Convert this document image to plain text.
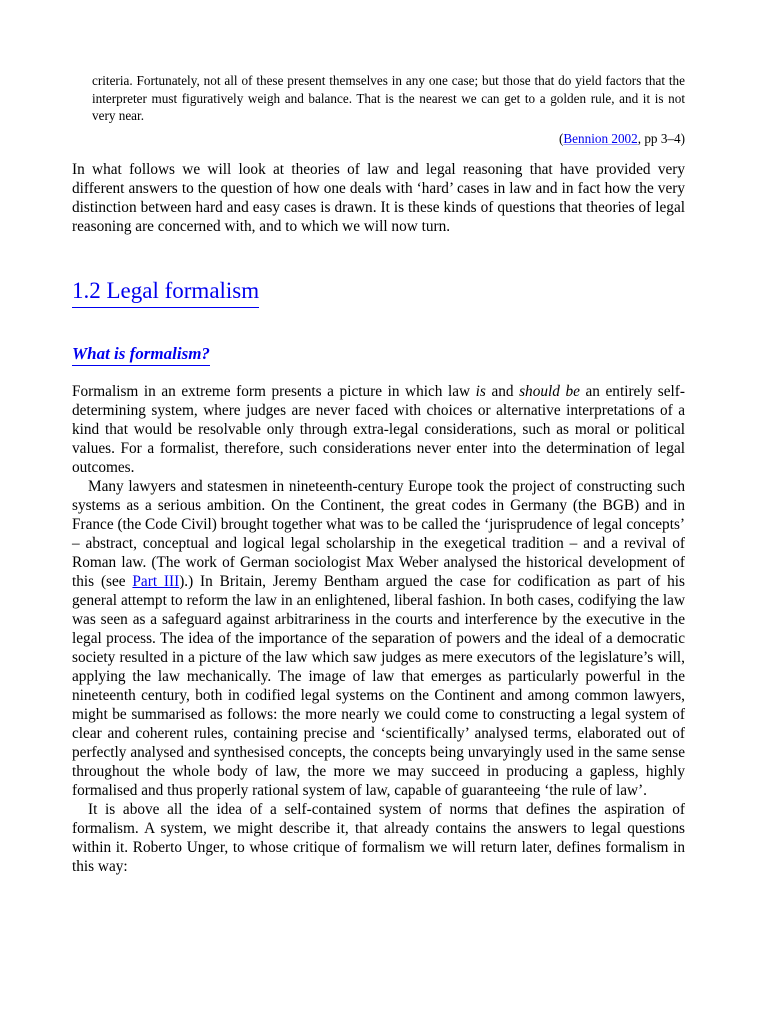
criteria. Fortunately, not all of these present themselves in any one case; but those that do yield factors that the interpreter must figuratively weigh and balance. That is the nearest we can get to a golden rule, and it is not very near.
(Bennion 2002, pp 3–4)

In what follows we will look at theories of law and legal reasoning that have provided very different answers to the question of how one deals with ‘hard’ cases in law and in fact how the very distinction between hard and easy cases is drawn. It is these kinds of questions that theories of legal reasoning are concerned with, and to which we will now turn.

1.2 Legal formalism
What is formalism?

Formalism in an extreme form presents a picture in which law is and should be an entirely self-determining system, where judges are never faced with choices or alternative interpretations of a kind that would be resolvable only through extra-legal considerations, such as moral or political values. For a formalist, therefore, such considerations never enter into the determination of legal outcomes.

Many lawyers and statesmen in nineteenth-century Europe took the project of constructing such systems as a serious ambition. On the Continent, the great codes in Germany (the BGB) and in France (the Code Civil) brought together what was to be called the ‘jurisprudence of legal concepts’ – abstract, conceptual and logical legal scholarship in the exegetical tradition – and a revival of Roman law. (The work of German sociologist Max Weber analysed the historical development of this (see Part III).) In Britain, Jeremy Bentham argued the case for codification as part of his general attempt to reform the law in an enlightened, liberal fashion. In both cases, codifying the law was seen as a safeguard against arbitrariness in the courts and interference by the executive in the legal process. The idea of the importance of the separation of powers and the ideal of a democratic society resulted in a picture of the law which saw judges as mere executors of the legislature’s will, applying the law mechanically. The image of law that emerges as particularly powerful in the nineteenth century, both in codified legal systems on the Continent and among common lawyers, might be summarised as follows: the more nearly we could come to constructing a legal system of clear and coherent rules, containing precise and ‘scientifically’ analysed terms, elaborated out of perfectly analysed and synthesised concepts, the concepts being unvaryingly used in the same sense throughout the whole body of law, the more we may succeed in producing a gapless, highly formalised and thus properly rational system of law, capable of guaranteeing ‘the rule of law’.

It is above all the idea of a self-contained system of norms that defines the aspiration of formalism. A system, we might describe it, that already contains the answers to legal questions within it. Roberto Unger, to whose critique of formalism we will return later, defines formalism in this way:
